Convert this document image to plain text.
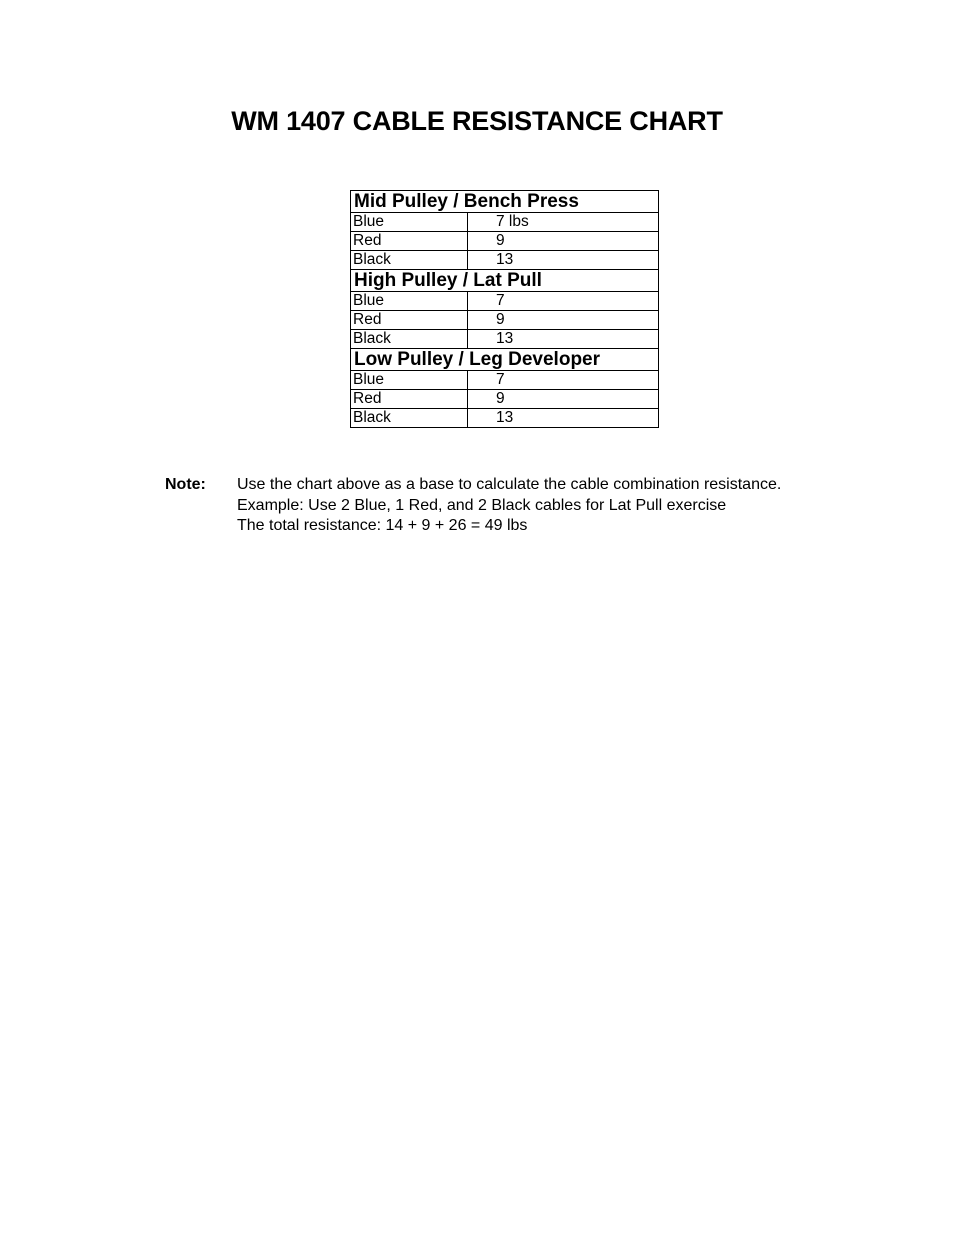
WM 1407 CABLE RESISTANCE CHART
Mid Pulley / Bench Press	
Blue	7 lbs
Red	9
Black	13
High Pulley / Lat Pull	
Blue	7
Red	9
Black	13
Low Pulley / Leg Developer	
Blue	7
Red	9
Black	13
Note: Use the chart above as a base to calculate the cable combination resistance.
Example: Use 2 Blue, 1 Red, and 2 Black cables for Lat Pull exercise
The total resistance: 14 + 9 + 26 = 49 lbs
